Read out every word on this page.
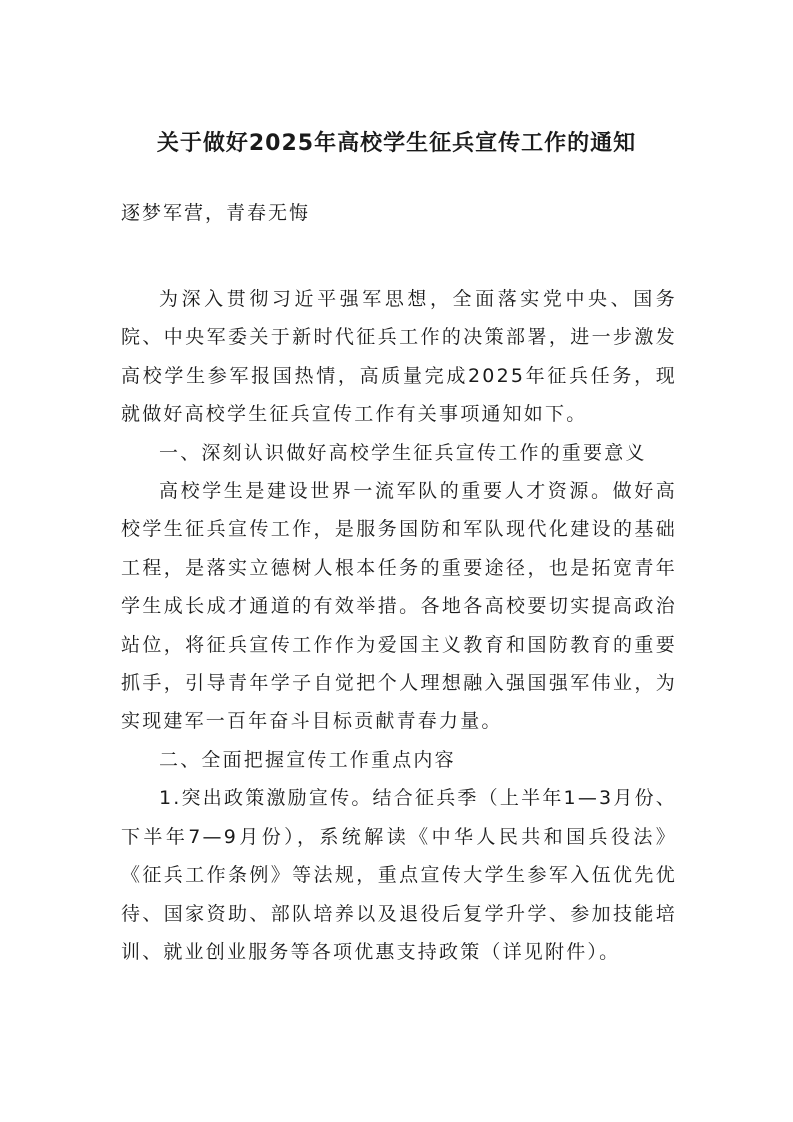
关于做好2025年高校学生征兵宣传工作的通知
逐梦军营，青春无悔

为深入贯彻习近平强军思想，全面落实党中央、国务院、中央军委关于新时代征兵工作的决策部署，进一步激发高校学生参军报国热情，高质量完成2025年征兵任务，现就做好高校学生征兵宣传工作有关事项通知如下。

一、深刻认识做好高校学生征兵宣传工作的重要意义

高校学生是建设世界一流军队的重要人才资源。做好高校学生征兵宣传工作，是服务国防和军队现代化建设的基础工程，是落实立德树人根本任务的重要途径，也是拓宽青年学生成长成才通道的有效举措。各地各高校要切实提高政治站位，将征兵宣传工作作为爱国主义教育和国防教育的重要抓手，引导青年学子自觉把个人理想融入强国强军伟业，为实现建军一百年奋斗目标贡献青春力量。

二、全面把握宣传工作重点内容

1.突出政策激励宣传。结合征兵季（上半年1—3月份、下半年7—9月份），系统解读《中华人民共和国兵役法》《征兵工作条例》等法规，重点宣传大学生参军入伍优先优待、国家资助、部队培养以及退役后复学升学、参加技能培训、就业创业服务等各项优惠支持政策（详见附件）。
